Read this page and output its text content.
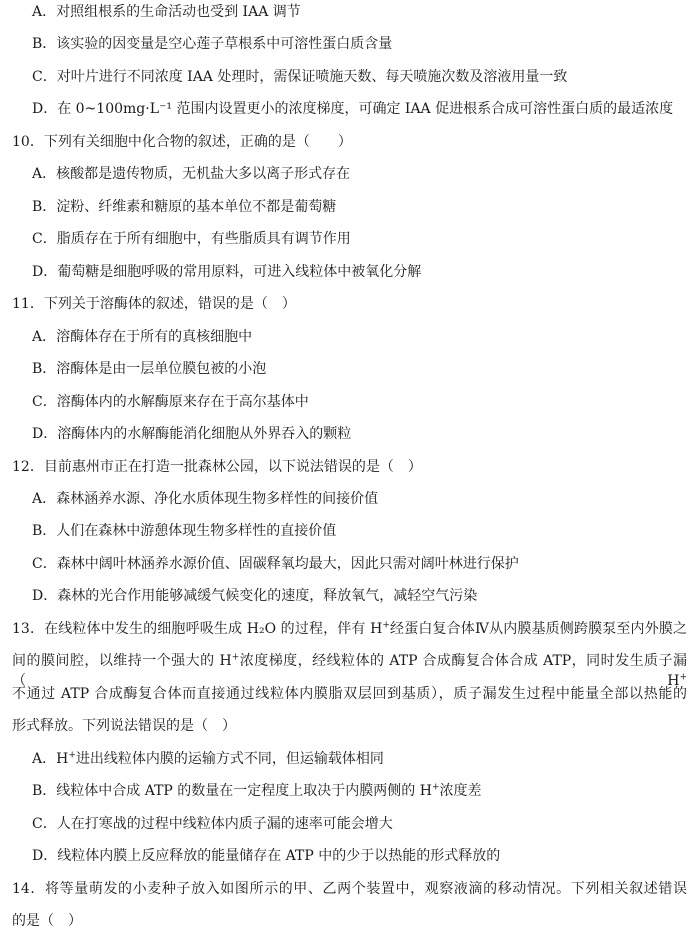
A．对照组根系的生命活动也受到 IAA 调节
B．该实验的因变量是空心莲子草根系中可溶性蛋白质含量
C．对叶片进行不同浓度 IAA 处理时，需保证喷施天数、每天喷施次数及溶液用量一致
D．在 0~100mg·L⁻¹ 范围内设置更小的浓度梯度，可确定 IAA 促进根系合成可溶性蛋白质的最适浓度
10．下列有关细胞中化合物的叙述，正确的是（　　）
A．核酸都是遗传物质，无机盐大多以离子形式存在
B．淀粉、纤维素和糖原的基本单位不都是葡萄糖
C．脂质存在于所有细胞中，有些脂质具有调节作用
D．葡萄糖是细胞呼吸的常用原料，可进入线粒体中被氧化分解
11．下列关于溶酶体的叙述，错误的是（　）
A．溶酶体存在于所有的真核细胞中
B．溶酶体是由一层单位膜包被的小泡
C．溶酶体内的水解酶原来存在于高尔基体中
D．溶酶体内的水解酶能消化细胞从外界吞入的颗粒
12．目前惠州市正在打造一批森林公园，以下说法错误的是（　）
A．森林涵养水源、净化水质体现生物多样性的间接价值
B．人们在森林中游憩体现生物多样性的直接价值
C．森林中阔叶林涵养水源价值、固碳释氧均最大，因此只需对阔叶林进行保护
D．森林的光合作用能够减缓气候变化的速度，释放氧气，减轻空气污染
13．在线粒体中发生的细胞呼吸生成 H₂O 的过程，伴有 H+经蛋白复合体Ⅳ从内膜基质侧跨膜泵至内外膜之
间的膜间腔，以维持一个强大的 H+浓度梯度，经线粒体的 ATP 合成酶复合体合成 ATP，同时发生质子漏（H+
不通过 ATP 合成酶复合体而直接通过线粒体内膜脂双层回到基质），质子漏发生过程中能量全部以热能的
形式释放。下列说法错误的是（　）
A．H+进出线粒体内膜的运输方式不同，但运输载体相同
B．线粒体中合成 ATP 的数量在一定程度上取决于内膜两侧的 H+浓度差
C．人在打寒战的过程中线粒体内质子漏的速率可能会增大
D．线粒体内膜上反应释放的能量储存在 ATP 中的少于以热能的形式释放的
14．将等量萌发的小麦种子放入如图所示的甲、乙两个装置中，观察液滴的移动情况。下列相关叙述错误
的是（　）
